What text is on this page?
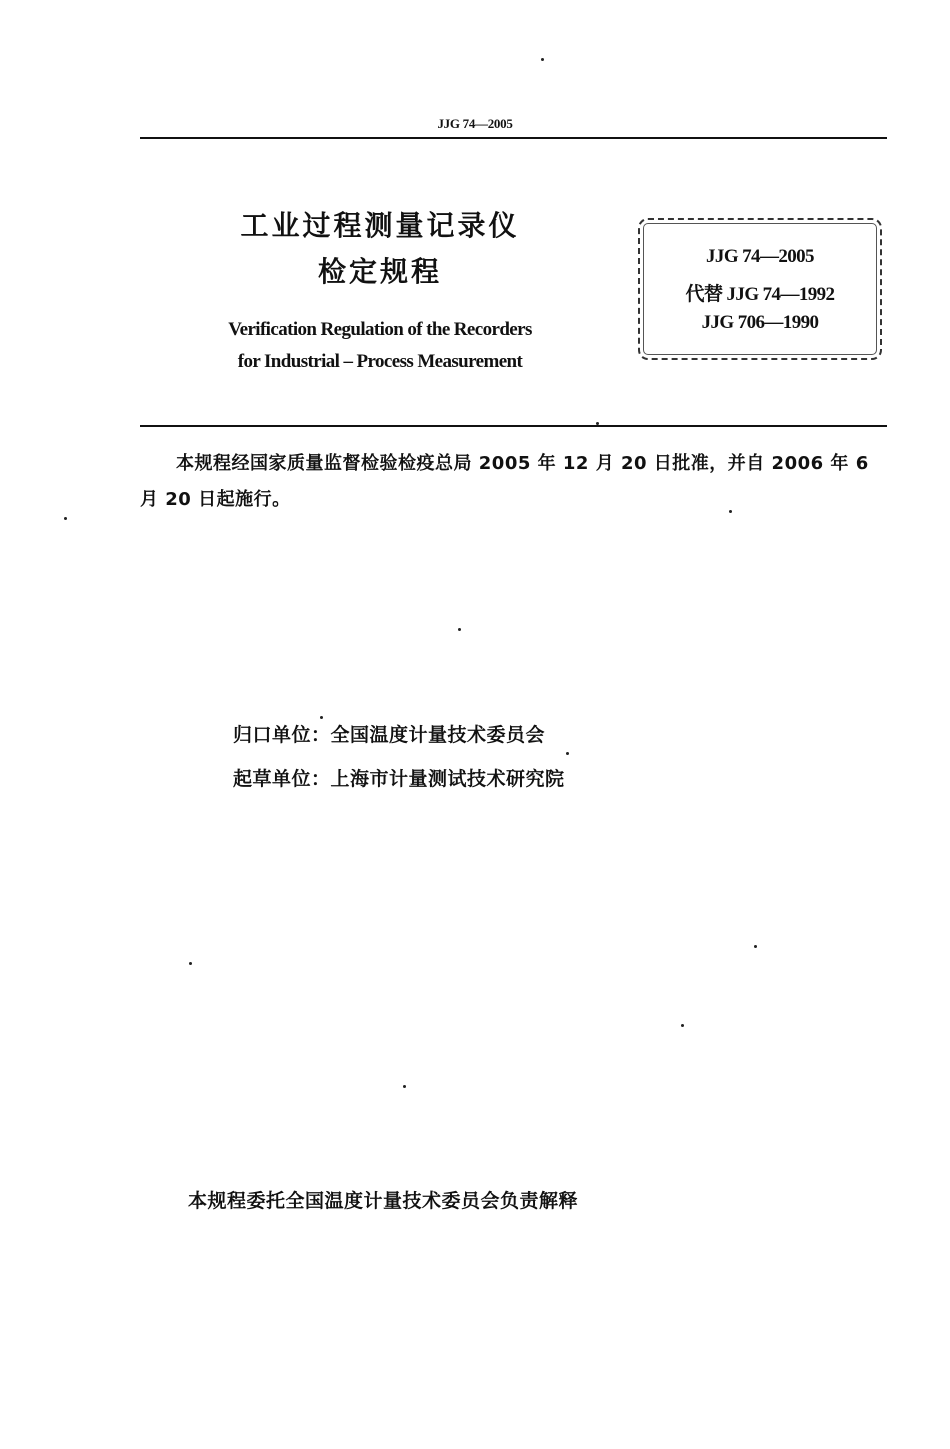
JJG 74—2005
工业过程测量记录仪
检定规程
Verification Regulation of the Recorders
for Industrial – Process Measurement
JJG 74—2005
代替 JJG 74—1992
JJG 706—1990
本规程经国家质量监督检验检疫总局 2005 年 12 月 20 日批准，并自 2006 年 6 月 20 日起施行。
归口单位：全国温度计量技术委员会
起草单位：上海市计量测试技术研究院
本规程委托全国温度计量技术委员会负责解释
